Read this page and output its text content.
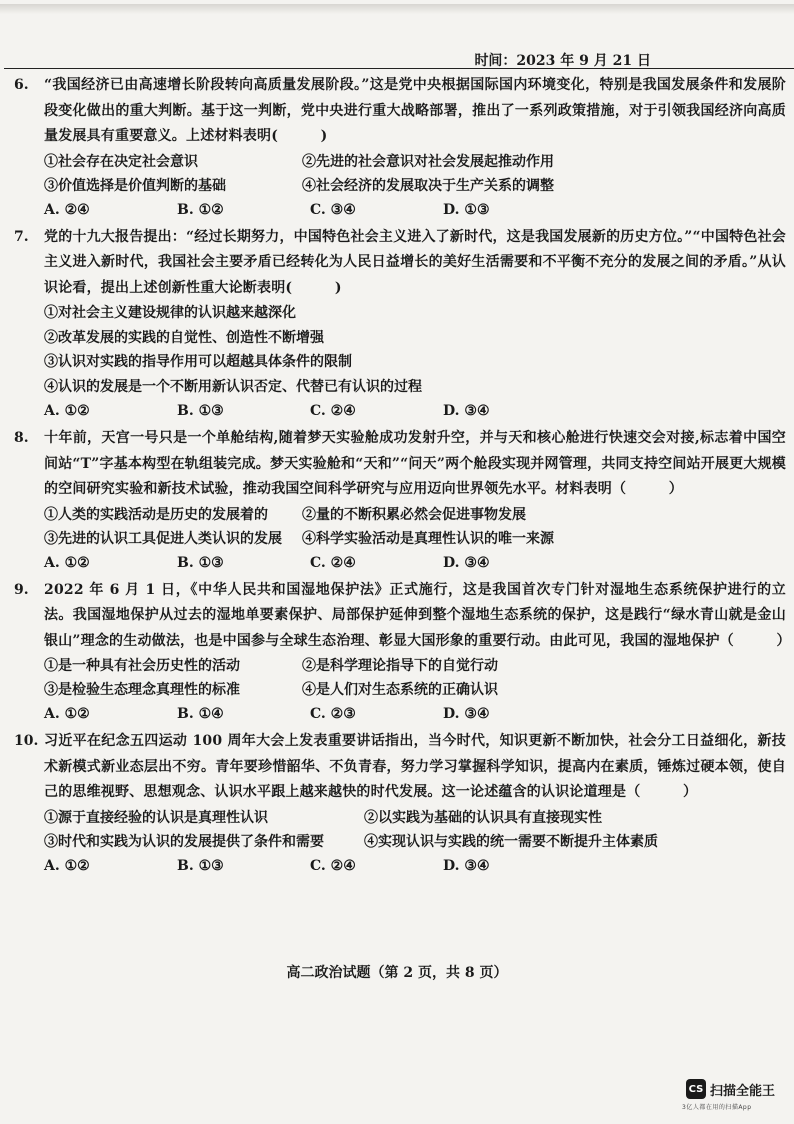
时间：2023 年 9 月 21 日
6. “我国经济已由高速增长阶段转向高质量发展阶段。”这是党中央根据国际国内环境变化，特别是我国发展条件和发展阶段变化做出的重大判断。基于这一判断，党中央进行重大战略部署，推出了一系列政策措施，对于引领我国经济向高质量发展具有重要意义。上述材料表明(　　　)
①社会存在决定社会意识	②先进的社会意识对社会发展起推动作用
③价值选择是价值判断的基础	④社会经济的发展取决于生产关系的调整
A. ②④	B. ①②	C. ③④	D. ①③
7. 党的十九大报告提出：“经过长期努力，中国特色社会主义进入了新时代，这是我国发展新的历史方位。”“中国特色社会主义进入新时代，我国社会主要矛盾已经转化为人民日益增长的美好生活需要和不平衡不充分的发展之间的矛盾。”从认识论看，提出上述创新性重大论断表明(　　　)
①对社会主义建设规律的认识越来越深化
②改革发展的实践的自觉性、创造性不断增强
③认识对实践的指导作用可以超越具体条件的限制
④认识的发展是一个不断用新认识否定、代替已有认识的过程
A. ①②	B. ①③	C. ②④	D. ③④
8. 十年前，天宫一号只是一个单舱结构,随着梦天实验舱成功发射升空，并与天和核心舱进行快速交会对接,标志着中国空间站“T”字基本构型在轨组装完成。梦天实验舱和“天和”“问天”两个舱段实现并网管理，共同支持空间站开展更大规模的空间研究实验和新技术试验，推动我国空间科学研究与应用迈向世界领先水平。材料表明（　　　）
①人类的实践活动是历史的发展着的	②量的不断积累必然会促进事物发展
③先进的认识工具促进人类认识的发展	④科学实验活动是真理性认识的唯一来源
A. ①②	B. ①③	C. ②④	D. ③④
9. 2022 年 6 月 1 日，《中华人民共和国湿地保护法》正式施行，这是我国首次专门针对湿地生态系统保护进行的立法。我国湿地保护从过去的湿地单要素保护、局部保护延伸到整个湿地生态系统的保护，这是践行“绿水青山就是金山银山”理念的生动做法，也是中国参与全球生态治理、彰显大国形象的重要行动。由此可见，我国的湿地保护（　　　）
①是一种具有社会历史性的活动	②是科学理论指导下的自觉行动
③是检验生态理念真理性的标准	④是人们对生态系统的正确认识
A. ①②	B. ①④	C. ②③	D. ③④
10. 习近平在纪念五四运动 100 周年大会上发表重要讲话指出，当今时代，知识更新不断加快，社会分工日益细化，新技术新模式新业态层出不穷。青年要珍惜韶华、不负青春，努力学习掌握科学知识，提高内在素质，锤炼过硬本领，使自己的思维视野、思想观念、认识水平跟上越来越快的时代发展。这一论述蕴含的认识论道理是（　　　）
①源于直接经验的认识是真理性认识	②以实践为基础的认识具有直接现实性
③时代和实践为认识的发展提供了条件和需要	④实现认识与实践的统一需要不断提升主体素质
A. ①②	B. ①③	C. ②④	D. ③④
高二政治试题（第 2 页，共 8 页）
CS 扫描全能王
3亿人都在用的扫描App
